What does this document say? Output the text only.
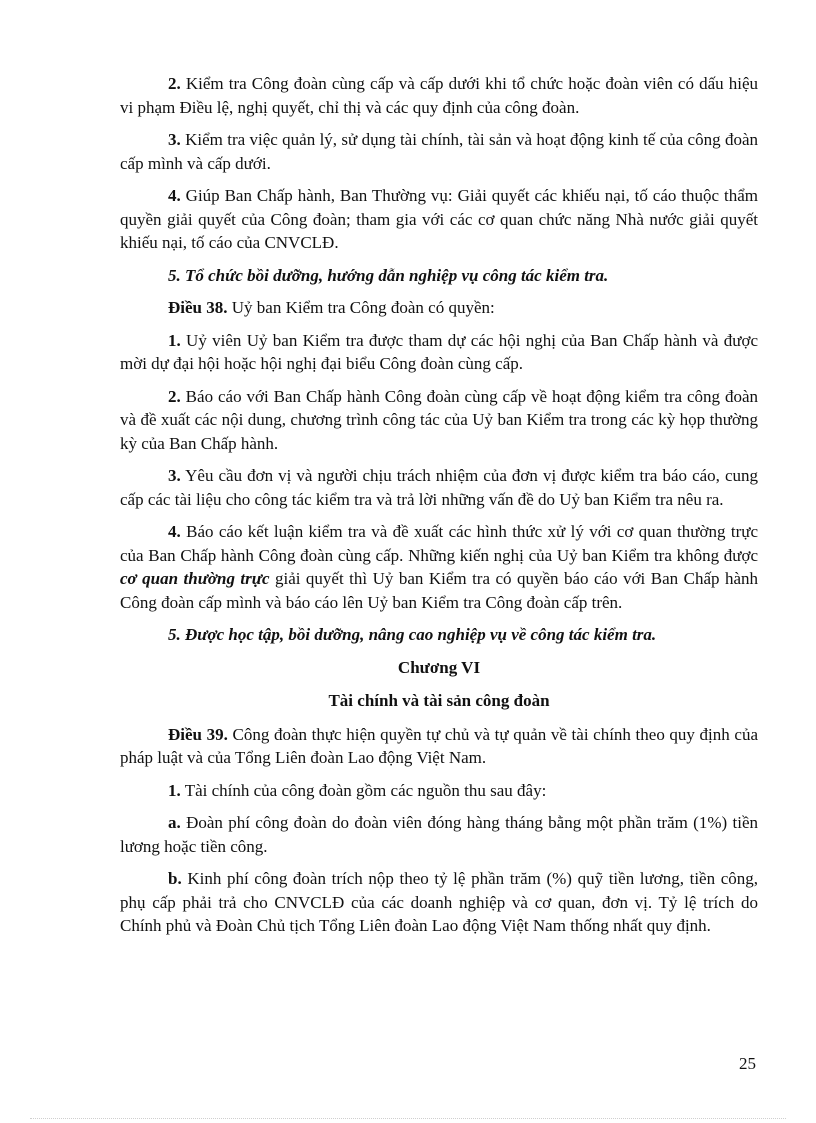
2. Kiểm tra Công đoàn cùng cấp và cấp dưới khi tổ chức hoặc đoàn viên có dấu hiệu vi phạm Điều lệ, nghị quyết, chỉ thị và các quy định của công đoàn.

3. Kiểm tra việc quản lý, sử dụng tài chính, tài sản và hoạt động kinh tế của công đoàn cấp mình và cấp dưới.

4. Giúp Ban Chấp hành, Ban Thường vụ: Giải quyết các khiếu nại, tố cáo thuộc thẩm quyền giải quyết của Công đoàn; tham gia với các cơ quan chức năng Nhà nước giải quyết khiếu nại, tố cáo của CNVCLĐ.

5. Tổ chức bồi dưỡng, hướng dẫn nghiệp vụ công tác kiểm tra.

Điều 38. Uỷ ban Kiểm tra Công đoàn có quyền:

1. Uỷ viên Uỷ ban Kiểm tra được tham dự các hội nghị của Ban Chấp hành và được mời dự đại hội hoặc hội nghị đại biểu Công đoàn cùng cấp.

2. Báo cáo với Ban Chấp hành Công đoàn cùng cấp về hoạt động kiểm tra công đoàn và đề xuất các nội dung, chương trình công tác của Uỷ ban Kiểm tra trong các kỳ họp thường kỳ của Ban Chấp hành.

3. Yêu cầu đơn vị và người chịu trách nhiệm của đơn vị được kiểm tra báo cáo, cung cấp các tài liệu cho công tác kiểm tra và trả lời những vấn đề do Uỷ ban Kiểm tra nêu ra.

4. Báo cáo kết luận kiểm tra và đề xuất các hình thức xử lý với cơ quan thường trực của Ban Chấp hành Công đoàn cùng cấp. Những kiến nghị của Uỷ ban Kiểm tra không được cơ quan thường trực giải quyết thì Uỷ ban Kiểm tra có quyền báo cáo với Ban Chấp hành Công đoàn cấp mình và báo cáo lên Uỷ ban Kiểm tra Công đoàn cấp trên.

5. Được học tập, bồi dưỡng, nâng cao nghiệp vụ về công tác kiểm tra.

Chương VI

Tài chính và tài sản công đoàn

Điều 39. Công đoàn thực hiện quyền tự chủ và tự quản về tài chính theo quy định của pháp luật và của Tổng Liên đoàn Lao động Việt Nam.

1. Tài chính của công đoàn gồm các nguồn thu sau đây:

a. Đoàn phí công đoàn do đoàn viên đóng hàng tháng bằng một phần trăm (1%) tiền lương hoặc tiền công.

b. Kinh phí công đoàn trích nộp theo tỷ lệ phần trăm (%) quỹ tiền lương, tiền công, phụ cấp phải trả cho CNVCLĐ của các doanh nghiệp và cơ quan, đơn vị. Tỷ lệ trích do Chính phủ và Đoàn Chủ tịch Tổng Liên đoàn Lao động Việt Nam thống nhất quy định.

25
